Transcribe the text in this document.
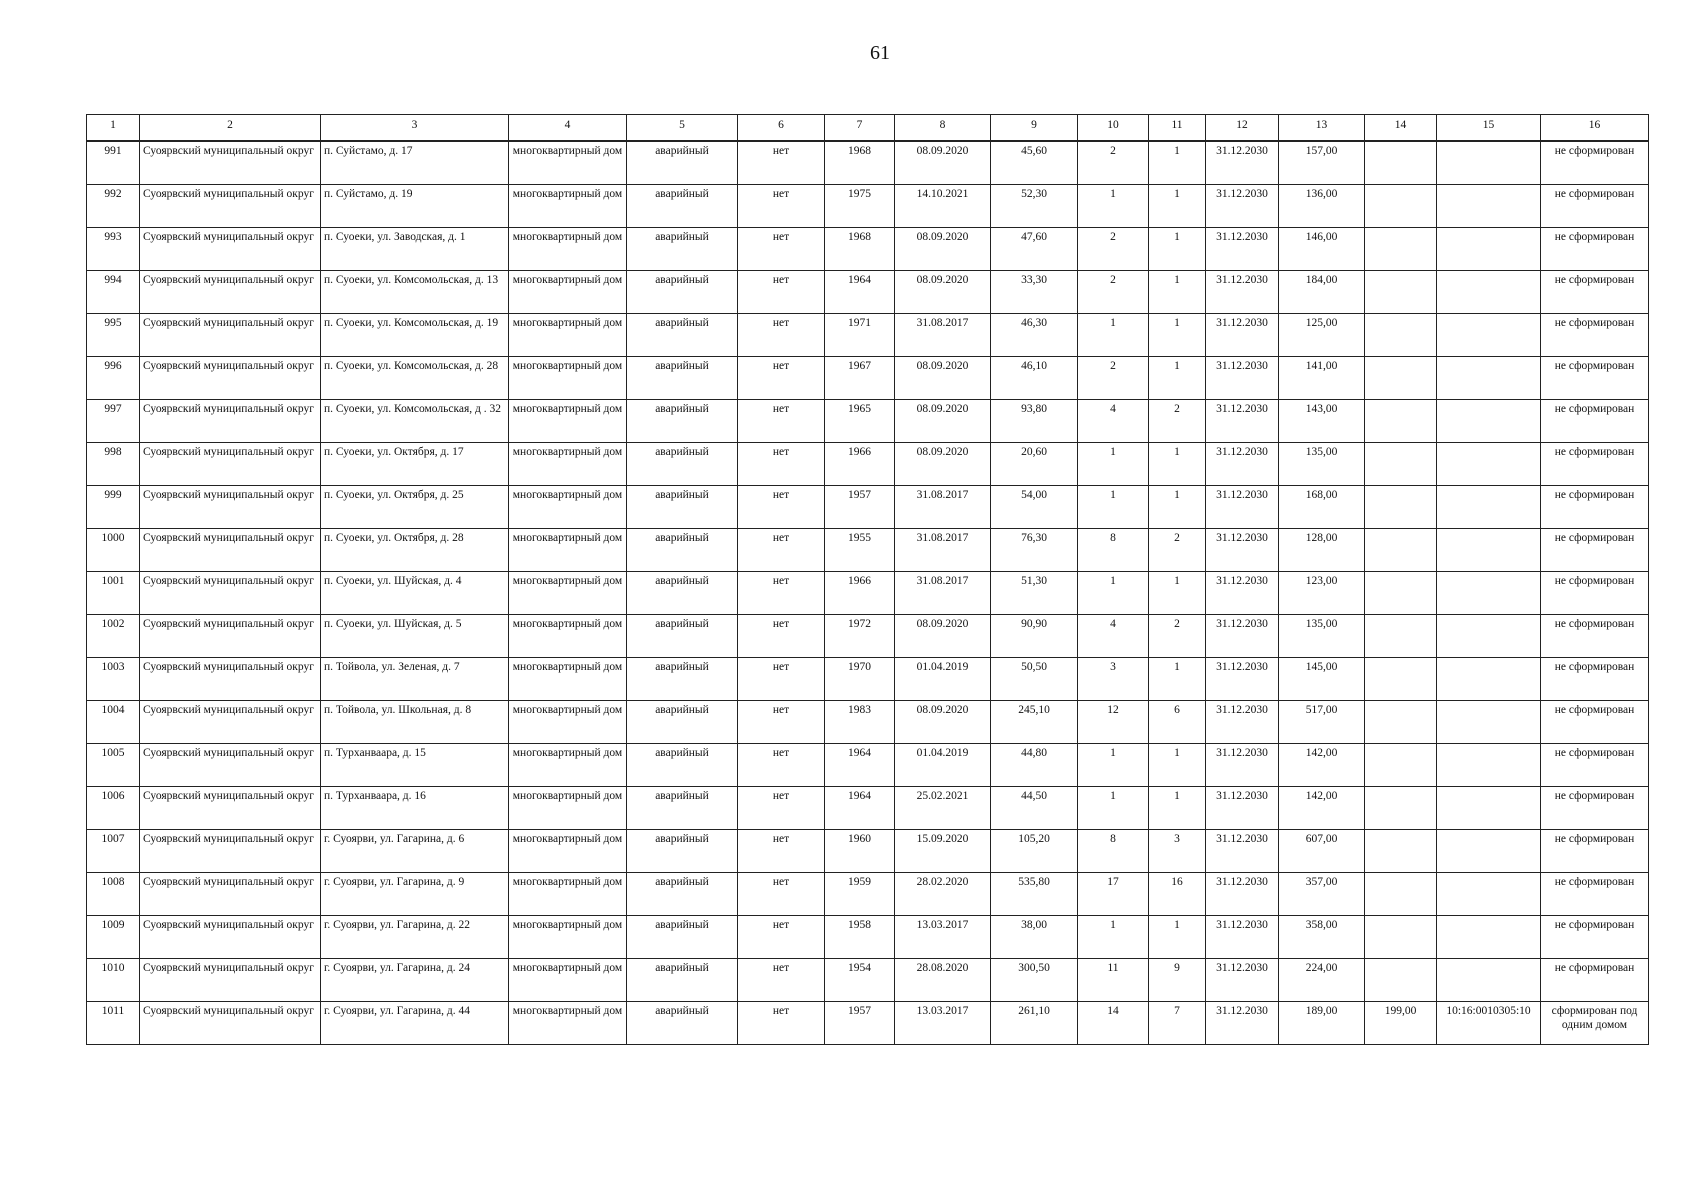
61
1	2	3	4	5	6	7	8	9	10	11	12	13	14	15	16
991	Суоярвский муниципальный округ	п. Суйстамо, д. 17	многоквартирный дом	аварийный	нет	1968	08.09.2020	45,60	2	1	31.12.2030	157,00			не сформирован
992	Суоярвский муниципальный округ	п. Суйстамо, д. 19	многоквартирный дом	аварийный	нет	1975	14.10.2021	52,30	1	1	31.12.2030	136,00			не сформирован
993	Суоярвский муниципальный округ	п. Суоеки, ул. Заводская, д. 1	многоквартирный дом	аварийный	нет	1968	08.09.2020	47,60	2	1	31.12.2030	146,00			не сформирован
994	Суоярвский муниципальный округ	п. Суоеки, ул. Комсомольская, д. 13	многоквартирный дом	аварийный	нет	1964	08.09.2020	33,30	2	1	31.12.2030	184,00			не сформирован
995	Суоярвский муниципальный округ	п. Суоеки, ул. Комсомольская, д. 19	многоквартирный дом	аварийный	нет	1971	31.08.2017	46,30	1	1	31.12.2030	125,00			не сформирован
996	Суоярвский муниципальный округ	п. Суоеки, ул. Комсомольская, д. 28	многоквартирный дом	аварийный	нет	1967	08.09.2020	46,10	2	1	31.12.2030	141,00			не сформирован
997	Суоярвский муниципальный округ	п. Суоеки, ул. Комсомольская, д . 32	многоквартирный дом	аварийный	нет	1965	08.09.2020	93,80	4	2	31.12.2030	143,00			не сформирован
998	Суоярвский муниципальный округ	п. Суоеки, ул. Октября, д. 17	многоквартирный дом	аварийный	нет	1966	08.09.2020	20,60	1	1	31.12.2030	135,00			не сформирован
999	Суоярвский муниципальный округ	п. Суоеки, ул. Октября, д. 25	многоквартирный дом	аварийный	нет	1957	31.08.2017	54,00	1	1	31.12.2030	168,00			не сформирован
1000	Суоярвский муниципальный округ	п. Суоеки, ул. Октября, д. 28	многоквартирный дом	аварийный	нет	1955	31.08.2017	76,30	8	2	31.12.2030	128,00			не сформирован
1001	Суоярвский муниципальный округ	п. Суоеки, ул. Шуйская, д. 4	многоквартирный дом	аварийный	нет	1966	31.08.2017	51,30	1	1	31.12.2030	123,00			не сформирован
1002	Суоярвский муниципальный округ	п. Суоеки, ул. Шуйская, д. 5	многоквартирный дом	аварийный	нет	1972	08.09.2020	90,90	4	2	31.12.2030	135,00			не сформирован
1003	Суоярвский муниципальный округ	п. Тойвола, ул. Зеленая, д. 7	многоквартирный дом	аварийный	нет	1970	01.04.2019	50,50	3	1	31.12.2030	145,00			не сформирован
1004	Суоярвский муниципальный округ	п. Тойвола, ул. Школьная, д. 8	многоквартирный дом	аварийный	нет	1983	08.09.2020	245,10	12	6	31.12.2030	517,00			не сформирован
1005	Суоярвский муниципальный округ	п. Турханваара, д. 15	многоквартирный дом	аварийный	нет	1964	01.04.2019	44,80	1	1	31.12.2030	142,00			не сформирован
1006	Суоярвский муниципальный округ	п. Турханваара, д. 16	многоквартирный дом	аварийный	нет	1964	25.02.2021	44,50	1	1	31.12.2030	142,00			не сформирован
1007	Суоярвский муниципальный округ	г. Суоярви, ул. Гагарина, д. 6	многоквартирный дом	аварийный	нет	1960	15.09.2020	105,20	8	3	31.12.2030	607,00			не сформирован
1008	Суоярвский муниципальный округ	г. Суоярви, ул. Гагарина, д. 9	многоквартирный дом	аварийный	нет	1959	28.02.2020	535,80	17	16	31.12.2030	357,00			не сформирован
1009	Суоярвский муниципальный округ	г. Суоярви, ул. Гагарина, д. 22	многоквартирный дом	аварийный	нет	1958	13.03.2017	38,00	1	1	31.12.2030	358,00			не сформирован
1010	Суоярвский муниципальный округ	г. Суоярви, ул. Гагарина, д. 24	многоквартирный дом	аварийный	нет	1954	28.08.2020	300,50	11	9	31.12.2030	224,00			не сформирован
1011	Суоярвский муниципальный округ	г. Суоярви, ул. Гагарина, д. 44	многоквартирный дом	аварийный	нет	1957	13.03.2017	261,10	14	7	31.12.2030	189,00	199,00	10:16:0010305:10	сформирован под одним домом
